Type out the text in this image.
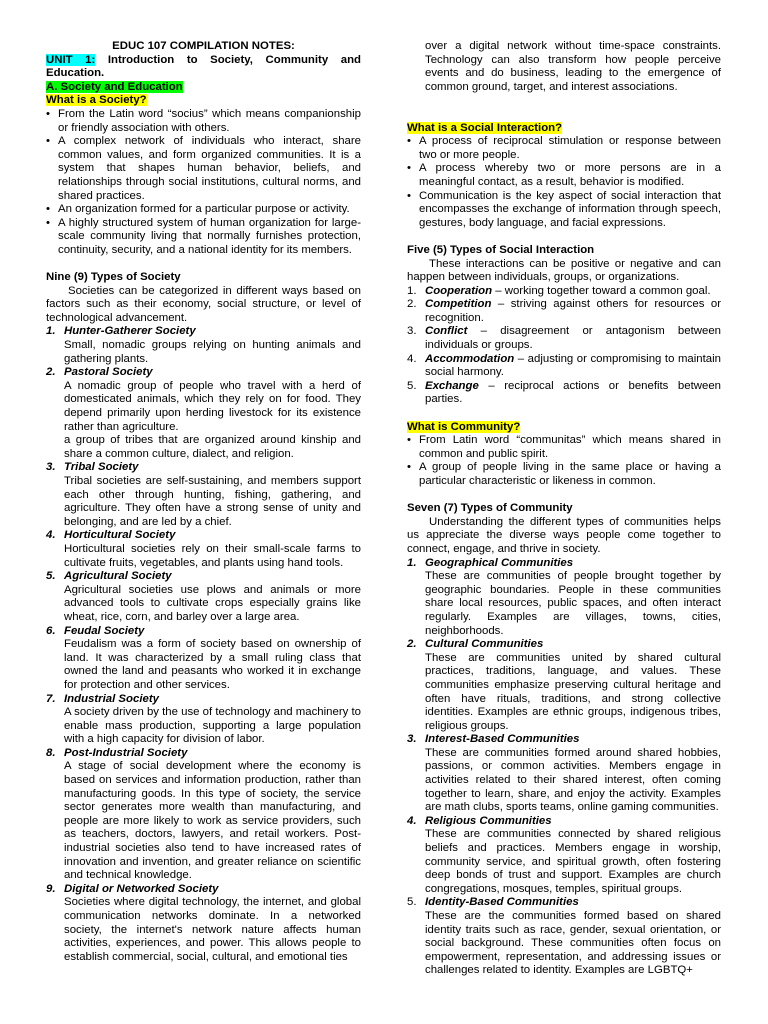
EDUC 107 COMPILATION NOTES:
UNIT 1: Introduction to Society, Community and Education.
A. Society and Education
What is a Society?
• From the Latin word “socius” which means companionship or friendly association with others.
• A complex network of individuals who interact, share common values, and form organized communities. It is a system that shapes human behavior, beliefs, and relationships through social institutions, cultural norms, and shared practices.
• An organization formed for a particular purpose or activity.
• A highly structured system of human organization for large-scale community living that normally furnishes protection, continuity, security, and a national identity for its members.
Nine (9) Types of Society
Societies can be categorized in different ways based on factors such as their economy, social structure, or level of technological advancement.
1. Hunter-Gatherer Society
Small, nomadic groups relying on hunting animals and gathering plants.
2. Pastoral Society
A nomadic group of people who travel with a herd of domesticated animals, which they rely on for food. They depend primarily upon herding livestock for its existence rather than agriculture.
a group of tribes that are organized around kinship and share a common culture, dialect, and religion.
3. Tribal Society
Tribal societies are self-sustaining, and members support each other through hunting, fishing, gathering, and agriculture. They often have a strong sense of unity and belonging, and are led by a chief.
4. Horticultural Society
Horticultural societies rely on their small-scale farms to cultivate fruits, vegetables, and plants using hand tools.
5. Agricultural Society
Agricultural societies use plows and animals or more advanced tools to cultivate crops especially grains like wheat, rice, corn, and barley over a large area.
6. Feudal Society
Feudalism was a form of society based on ownership of land. It was characterized by a small ruling class that owned the land and peasants who worked it in exchange for protection and other services.
7. Industrial Society
A society driven by the use of technology and machinery to enable mass production, supporting a large population with a high capacity for division of labor.
8. Post-Industrial Society
A stage of social development where the economy is based on services and information production, rather than manufacturing goods. In this type of society, the service sector generates more wealth than manufacturing, and people are more likely to work as service providers, such as teachers, doctors, lawyers, and retail workers. Post-industrial societies also tend to have increased rates of innovation and invention, and greater reliance on scientific and technical knowledge.
9. Digital or Networked Society
Societies where digital technology, the internet, and global communication networks dominate. In a networked society, the internet's network nature affects human activities, experiences, and power. This allows people to establish commercial, social, cultural, and emotional ties
over a digital network without time-space constraints. Technology can also transform how people perceive events and do business, leading to the emergence of common ground, target, and interest associations.
What is a Social Interaction?
• A process of reciprocal stimulation or response between two or more people.
• A process whereby two or more persons are in a meaningful contact, as a result, behavior is modified.
• Communication is the key aspect of social interaction that encompasses the exchange of information through speech, gestures, body language, and facial expressions.
Five (5) Types of Social Interaction
These interactions can be positive or negative and can happen between individuals, groups, or organizations.
1. Cooperation – working together toward a common goal.
2. Competition – striving against others for resources or recognition.
3. Conflict – disagreement or antagonism between individuals or groups.
4. Accommodation – adjusting or compromising to maintain social harmony.
5. Exchange – reciprocal actions or benefits between parties.
What is Community?
• From Latin word “communitas” which means shared in common and public spirit.
• A group of people living in the same place or having a particular characteristic or likeness in common.
Seven (7) Types of Community
Understanding the different types of communities helps us appreciate the diverse ways people come together to connect, engage, and thrive in society.
1. Geographical Communities
These are communities of people brought together by geographic boundaries. People in these communities share local resources, public spaces, and often interact regularly. Examples are villages, towns, cities, neighborhoods.
2. Cultural Communities
These are communities united by shared cultural practices, traditions, language, and values. These communities emphasize preserving cultural heritage and often have rituals, traditions, and strong collective identities. Examples are ethnic groups, indigenous tribes, religious groups.
3. Interest-Based Communities
These are communities formed around shared hobbies, passions, or common activities. Members engage in activities related to their shared interest, often coming together to learn, share, and enjoy the activity. Examples are math clubs, sports teams, online gaming communities.
4. Religious Communities
These are communities connected by shared religious beliefs and practices. Members engage in worship, community service, and spiritual growth, often fostering deep bonds of trust and support. Examples are church congregations, mosques, temples, spiritual groups.
5. Identity-Based Communities
These are the communities formed based on shared identity traits such as race, gender, sexual orientation, or social background. These communities often focus on empowerment, representation, and addressing issues or challenges related to identity. Examples are LGBTQ+
